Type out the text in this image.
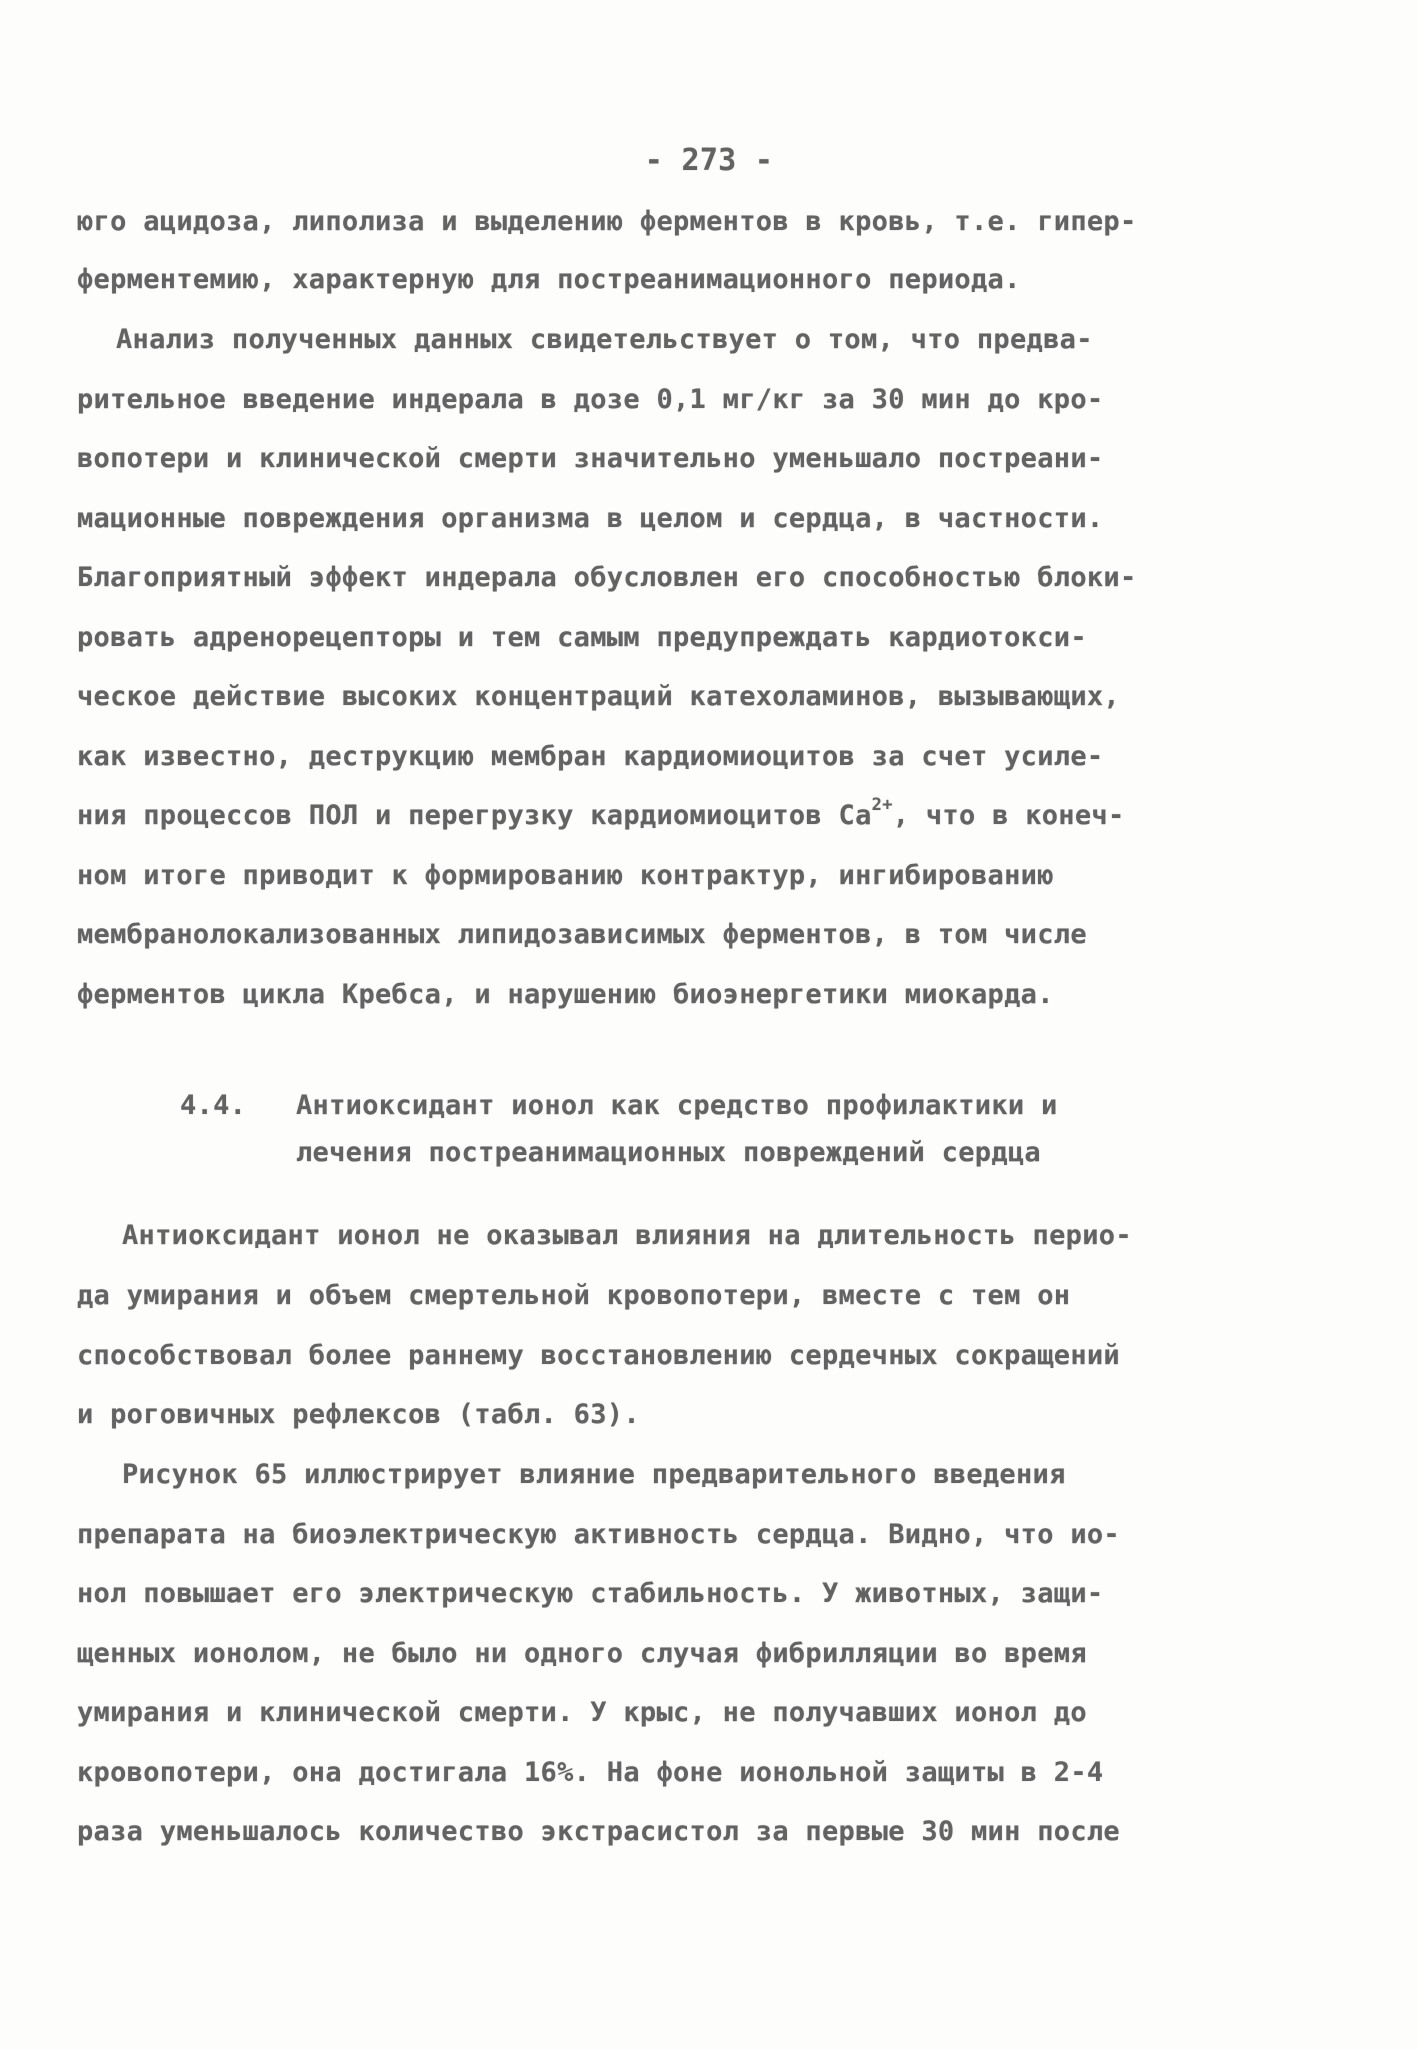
- 273 -
юго ацидоза, липолиза и выделению ферментов в кровь, т.е. гипер-
ферментемию, характерную для постреанимационного периода.
Анализ полученных данных свидетельствует о том, что предва-
рительное введение индерала в дозе 0,1 мг/кг за 30 мин до кро-
вопотери и клинической смерти значительно уменьшало постреани-
мационные повреждения организма в целом и сердца, в частности.
Благоприятный эффект индерала обусловлен его способностью блоки-
ровать адренорецепторы и тем самым предупреждать кардиотокси-
ческое действие высоких концентраций катехоламинов, вызывающих,
как известно, деструкцию мембран кардиомиоцитов за счет усиле-
ния процессов ПОЛ и перегрузку кардиомиоцитов $Ca^{2+}$, что в конеч-
ном итоге приводит к формированию контрактур, ингибированию
мембранолокализованных липидозависимых ферментов, в том числе
ферментов цикла Кребса, и нарушению биоэнергетики миокарда.
4.4. Антиоксидант ионол как средство профилактики и
лечения постреанимационных повреждений сердца
Антиоксидант ионол не оказывал влияния на длительность перио-
да умирания и объем смертельной кровопотери, вместе с тем он
способствовал более раннему восстановлению сердечных сокращений
и роговичных рефлексов (табл. 63).
Рисунок 65 иллюстрирует влияние предварительного введения
препарата на биоэлектрическую активность сердца. Видно, что ио-
нол повышает его электрическую стабильность. У животных, защи-
щенных ионолом, не было ни одного случая фибрилляции во время
умирания и клинической смерти. У крыс, не получавших ионол до
кровопотери, она достигала 16%. На фоне ионольной защиты в 2-4
раза уменьшалось количество экстрасистол за первые 30 мин после
